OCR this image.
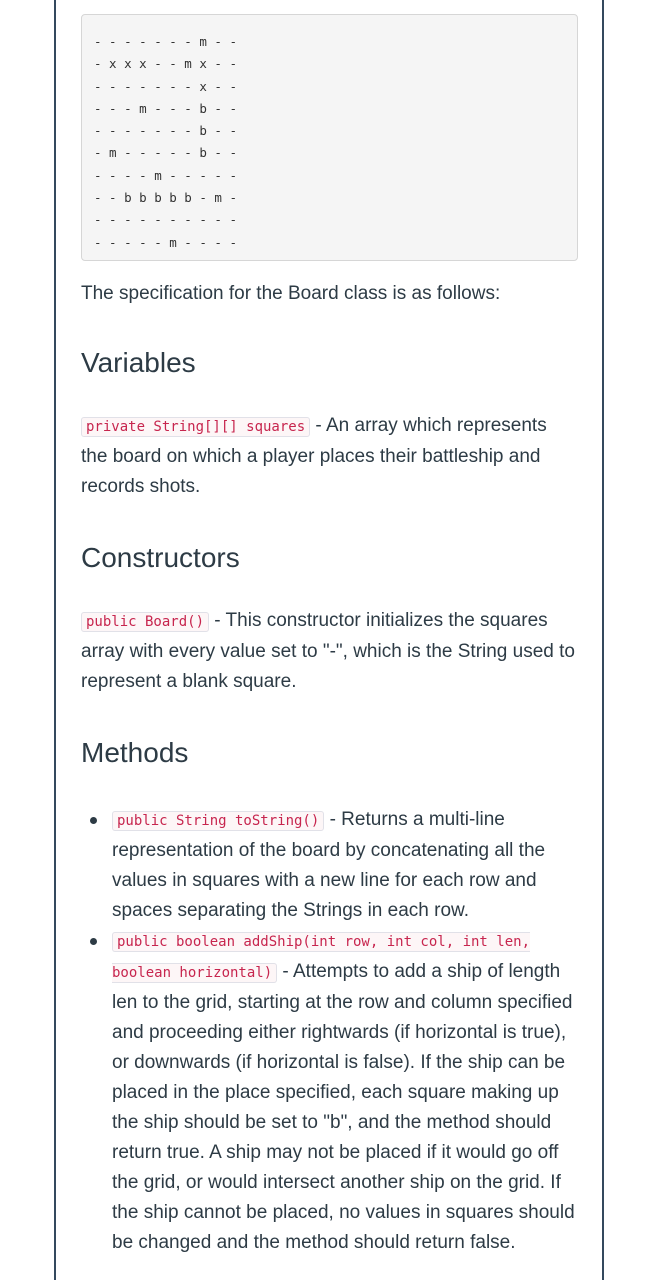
- - - - - - - m - -
- x x x - - m x - -
- - - - - - - x - -
- - - m - - - b - -
- - - - - - - b - -
- m - - - - - b - -
- - - - m - - - - -
- - b b b b b - m -
- - - - - - - - - -
- - - - - m - - - -

The specification for the Board class is as follows:

Variables

private String[][] squares - An array which represents the board on which a player places their battleship and records shots.

Constructors

public Board() - This constructor initializes the squares array with every value set to "-", which is the String used to represent a blank square.

Methods
public String toString() - Returns a multi-line representation of the board by concatenating all the values in squares with a new line for each row and spaces separating the Strings in each row.
public boolean addShip(int row, int col, int len, boolean horizontal) - Attempts to add a ship of length len to the grid, starting at the row and column specified and proceeding either rightwards (if horizontal is true), or downwards (if horizontal is false). If the ship can be placed in the place specified, each square making up the ship should be set to "b", and the method should return true. A ship may not be placed if it would go off the grid, or would intersect another ship on the grid. If the ship cannot be placed, no values in squares should be changed and the method should return false.
